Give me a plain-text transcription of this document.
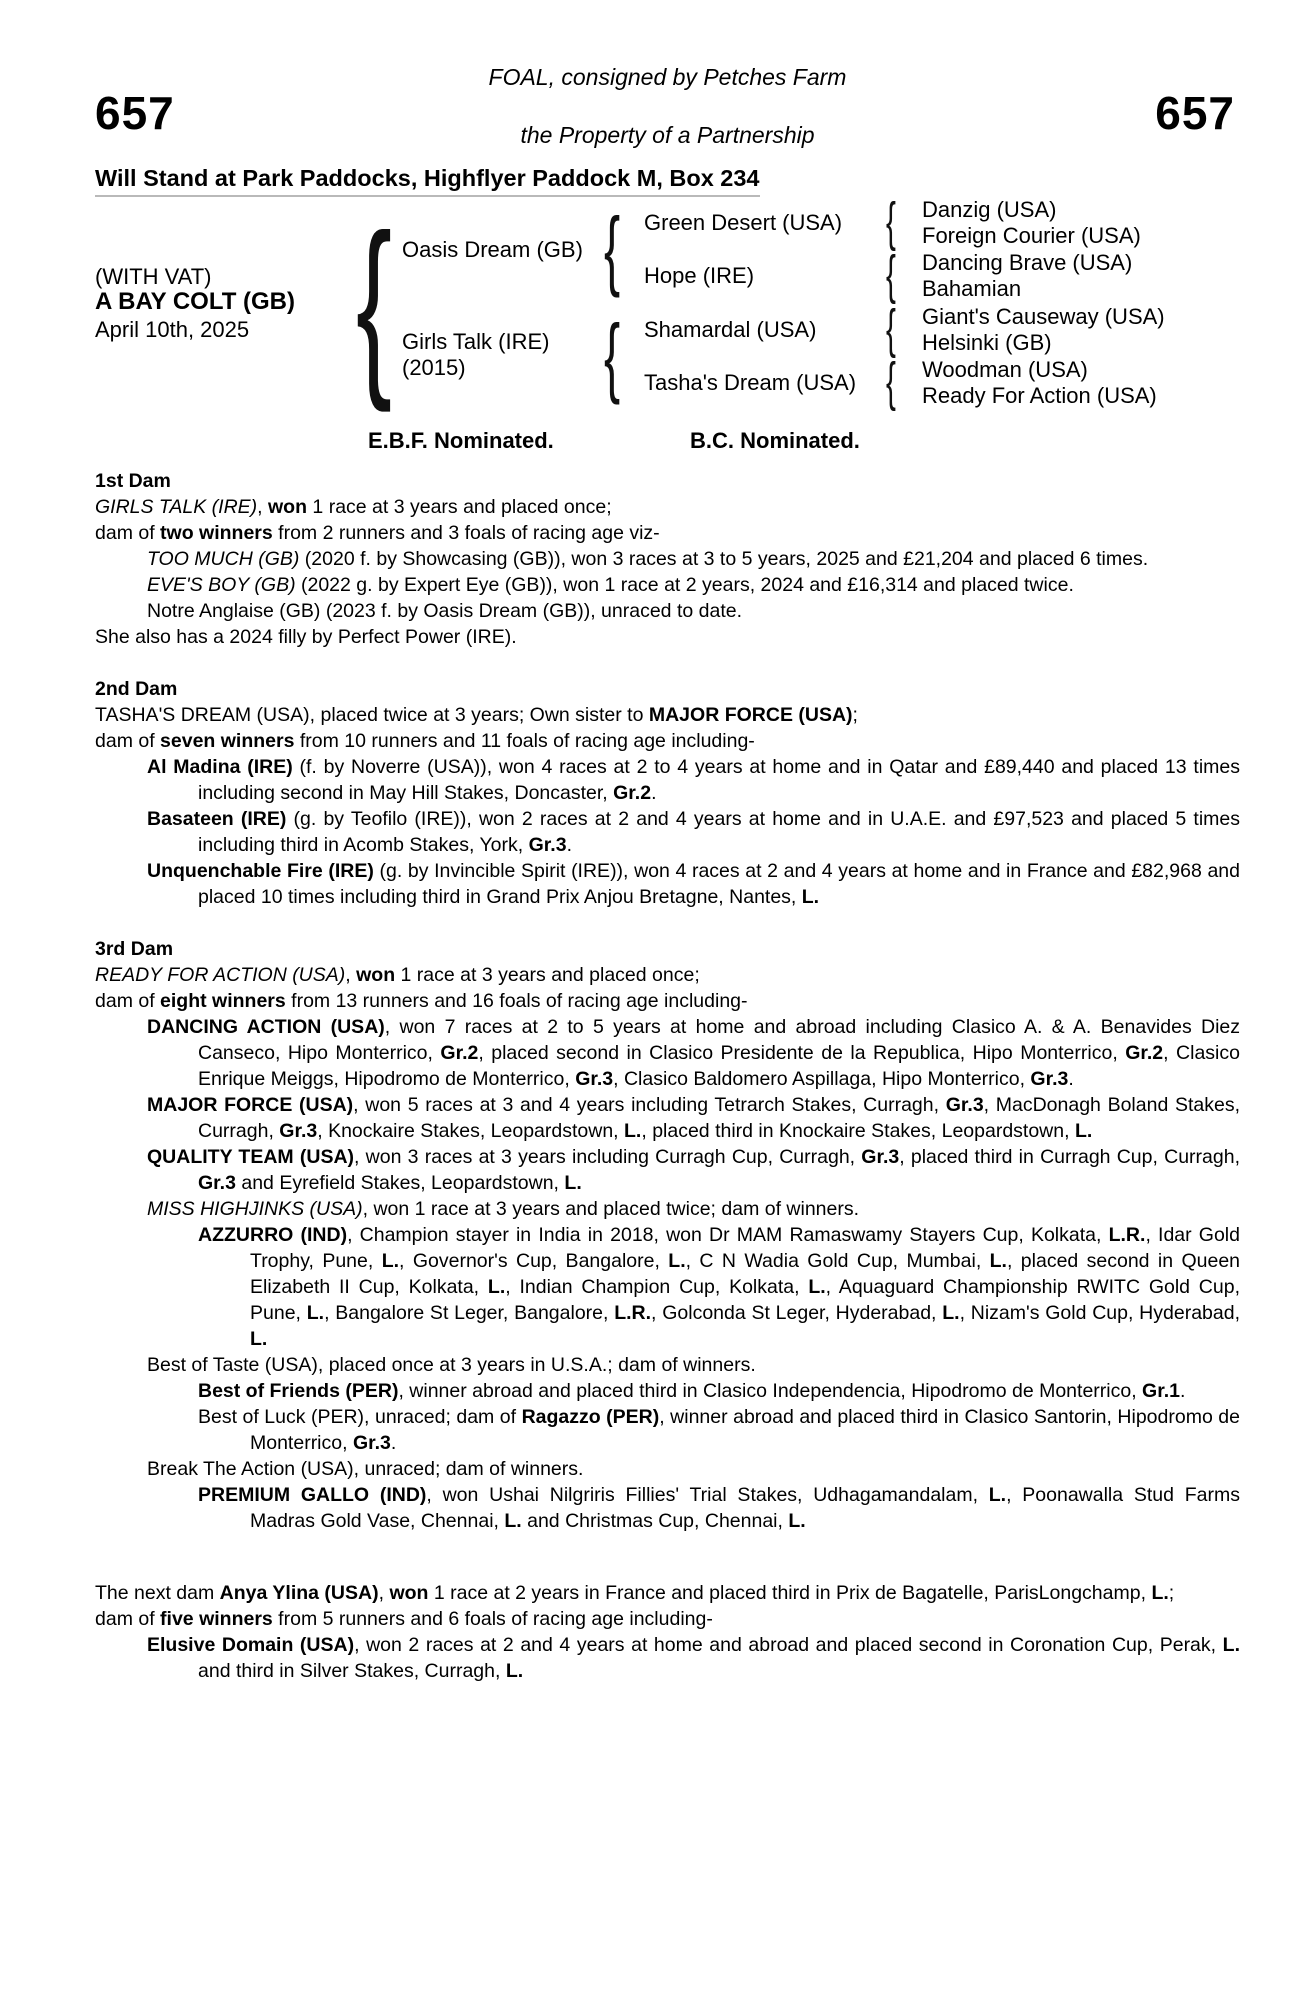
657	657
FOAL, consigned by Petches Farm
the Property of a Partnership
Will Stand at Park Paddocks, Highflyer Paddock M, Box 234
(WITH VAT)
A BAY COLT (GB)
April 10th, 2025 { Oasis Dream (GB)
Girls Talk (IRE)
(2015)
{
{
Green Desert (USA)
Hope (IRE)
Shamardal (USA)
Tasha's Dream (USA)
{
{
{
{
Danzig (USA)
Foreign Courier (USA)
Dancing Brave (USA)
Bahamian
Giant's Causeway (USA)
Helsinki (GB)
Woodman (USA)
Ready For Action (USA)
E.B.F. Nominated.	B.C. Nominated.
1st Dam

GIRLS TALK (IRE), won 1 race at 3 years and placed once;

dam of two winners from 2 runners and 3 foals of racing age viz-

TOO MUCH (GB) (2020 f. by Showcasing (GB)), won 3 races at 3 to 5 years, 2025 and £21,204 and placed 6 times.

EVE'S BOY (GB) (2022 g. by Expert Eye (GB)), won 1 race at 2 years, 2024 and £16,314 and placed twice.

Notre Anglaise (GB) (2023 f. by Oasis Dream (GB)), unraced to date.

She also has a 2024 filly by Perfect Power (IRE).

2nd Dam

TASHA'S DREAM (USA), placed twice at 3 years; Own sister to MAJOR FORCE (USA);

dam of seven winners from 10 runners and 11 foals of racing age including-

Al Madina (IRE) (f. by Noverre (USA)), won 4 races at 2 to 4 years at home and in Qatar and £89,440 and placed 13 times including second in May Hill Stakes, Doncaster, Gr.2.

Basateen (IRE) (g. by Teofilo (IRE)), won 2 races at 2 and 4 years at home and in U.A.E. and £97,523 and placed 5 times including third in Acomb Stakes, York, Gr.3.

Unquenchable Fire (IRE) (g. by Invincible Spirit (IRE)), won 4 races at 2 and 4 years at home and in France and £82,968 and placed 10 times including third in Grand Prix Anjou Bretagne, Nantes, L.

3rd Dam

READY FOR ACTION (USA), won 1 race at 3 years and placed once;

dam of eight winners from 13 runners and 16 foals of racing age including-

DANCING ACTION (USA), won 7 races at 2 to 5 years at home and abroad including Clasico A. & A. Benavides Diez Canseco, Hipo Monterrico, Gr.2, placed second in Clasico Presidente de la Republica, Hipo Monterrico, Gr.2, Clasico Enrique Meiggs, Hipodromo de Monterrico, Gr.3, Clasico Baldomero Aspillaga, Hipo Monterrico, Gr.3.

MAJOR FORCE (USA), won 5 races at 3 and 4 years including Tetrarch Stakes, Curragh, Gr.3, MacDonagh Boland Stakes, Curragh, Gr.3, Knockaire Stakes, Leopardstown, L., placed third in Knockaire Stakes, Leopardstown, L.

QUALITY TEAM (USA), won 3 races at 3 years including Curragh Cup, Curragh, Gr.3, placed third in Curragh Cup, Curragh, Gr.3 and Eyrefield Stakes, Leopardstown, L.

MISS HIGHJINKS (USA), won 1 race at 3 years and placed twice; dam of winners.

AZZURRO (IND), Champion stayer in India in 2018, won Dr MAM Ramaswamy Stayers Cup, Kolkata, L.R., Idar Gold Trophy, Pune, L., Governor's Cup, Bangalore, L., C N Wadia Gold Cup, Mumbai, L., placed second in Queen Elizabeth II Cup, Kolkata, L., Indian Champion Cup, Kolkata, L., Aquaguard Championship RWITC Gold Cup, Pune, L., Bangalore St Leger, Bangalore, L.R., Golconda St Leger, Hyderabad, L., Nizam's Gold Cup, Hyderabad, L.

Best of Taste (USA), placed once at 3 years in U.S.A.; dam of winners.

Best of Friends (PER), winner abroad and placed third in Clasico Independencia, Hipodromo de Monterrico, Gr.1.

Best of Luck (PER), unraced; dam of Ragazzo (PER), winner abroad and placed third in Clasico Santorin, Hipodromo de Monterrico, Gr.3.

Break The Action (USA), unraced; dam of winners.

PREMIUM GALLO (IND), won Ushai Nilgriris Fillies' Trial Stakes, Udhagamandalam, L., Poonawalla Stud Farms Madras Gold Vase, Chennai, L. and Christmas Cup, Chennai, L.

The next dam Anya Ylina (USA), won 1 race at 2 years in France and placed third in Prix de Bagatelle, ParisLongchamp, L.;

dam of five winners from 5 runners and 6 foals of racing age including-

Elusive Domain (USA), won 2 races at 2 and 4 years at home and abroad and placed second in Coronation Cup, Perak, L. and third in Silver Stakes, Curragh, L.
